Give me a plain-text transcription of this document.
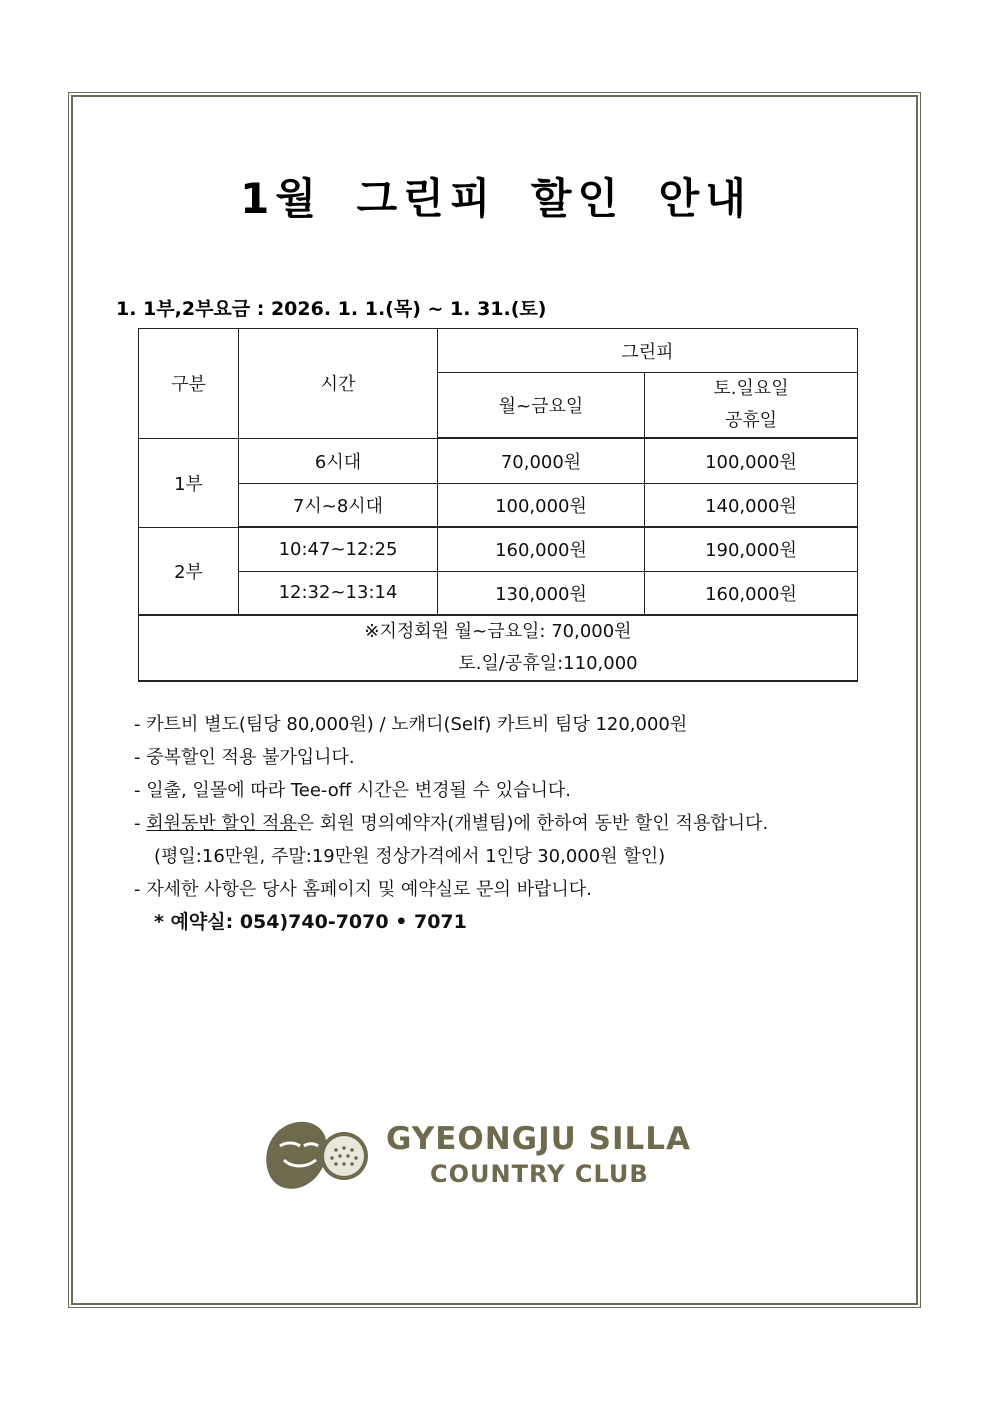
1월 그린피 할인 안내
1. 1부,2부요금 : 2026. 1. 1.(목) ~ 1. 31.(토)
구분	시간	그린피	
		월~금요일	토.일요일
공휴일

1부	6시대	70,000원	100,000원
	7시~8시대	100,000원	140,000원
2부	10:47~12:25	160,000원	190,000원
	12:32~13:14	130,000원	160,000원

※지정회원 월~금요일: 70,000원
토.일/공휴일:110,000			
- 카트비 별도(팀당 80,000원) / 노캐디(Self) 카트비 팀당 120,000원
- 중복할인 적용 불가입니다.
- 일출, 일몰에 따라 Tee-off 시간은 변경될 수 있습니다.
- 회원동반 할인 적용은 회원 명의예약자(개별팀)에 한하여 동반 할인 적용합니다.
(평일:16만원, 주말:19만원 정상가격에서 1인당 30,000원 할인)
- 자세한 사항은 당사 홈페이지 및 예약실로 문의 바랍니다.
* 예약실: 054)740-7070 • 7071
GYEONGJU SILLA
COUNTRY CLUB
